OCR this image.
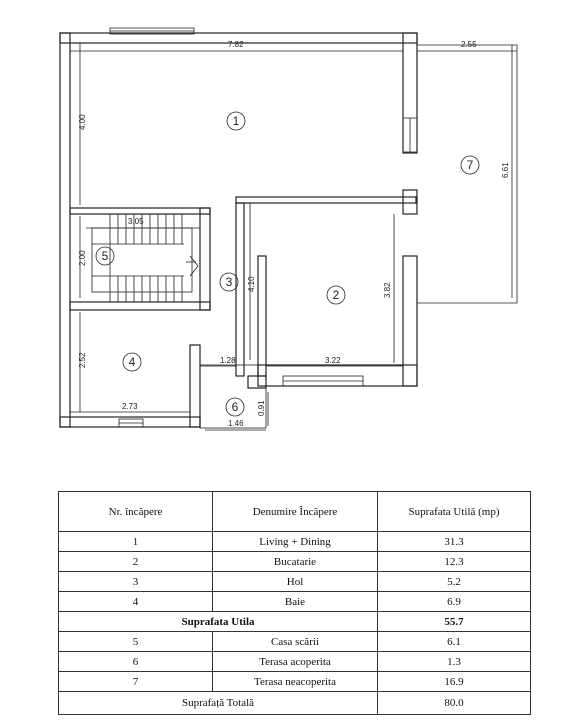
7.82	2.55
4.00
6.61
3.05
2.00
4.10	3.82
2.52	1.28	3.22
2.73
1.46
0.91
1
2
3
4
5
6
7
Nr. încăpere	Denumire Încăpere	Suprafata Utilă (mp)
1	Living + Dining	31.3
2	Bucatarie	12.3
3	Hol	5.2
4	Baie	6.9
Suprafata Utila		55.7
5	Casa scării	6.1
6	Terasa acoperita	1.3
7	Terasa neacoperita	16.9
Suprafață Totală		80.0
